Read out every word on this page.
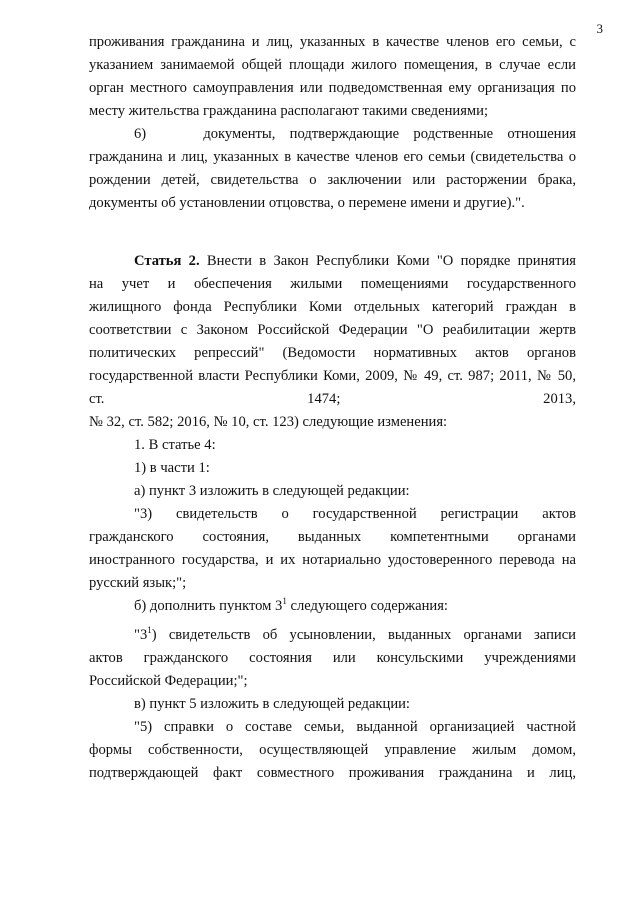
3
проживания гражданина и лиц, указанных в качестве членов его семьи, с
указанием занимаемой общей площади жилого помещения, в случае если
орган местного самоуправления или подведомственная ему организация по
месту жительства гражданина располагают такими сведениями;
6)    документы, подтверждающие родственные отношения
гражданина и лиц, указанных в качестве членов его семьи (свидетельства о
рождении детей, свидетельства о заключении или расторжении брака,
документы об установлении отцовства, о перемене имени и другие).".
Статья 2. Внести в Закон Республики Коми "О порядке принятия
на учет и обеспечения жилыми помещениями государственного
жилищного фонда Республики Коми отдельных категорий граждан в
соответствии с Законом Российской Федерации "О реабилитации жертв
политических репрессий" (Ведомости нормативных актов органов
государственной власти Республики Коми, 2009, № 49, ст. 987; 2011, № 50,
ст. 1474; 2013,
№ 32, ст. 582; 2016, № 10, ст. 123) следующие изменения:
1. В статье 4:
1) в части 1:
а) пункт 3 изложить в следующей редакции:
"3) свидетельств о государственной регистрации актов
гражданского состояния, выданных компетентными органами
иностранного государства, и их нотариально удостоверенного перевода на
русский язык;";
б) дополнить пунктом $3^1$ следующего содержания:
"$3^1$) свидетельств об усыновлении, выданных органами записи
актов гражданского состояния или консульскими учреждениями
Российской Федерации;";
в) пункт 5 изложить в следующей редакции:
"5) справки о составе семьи, выданной организацией частной
формы собственности, осуществляющей управление жилым домом,
подтверждающей факт совместного проживания гражданина и лиц,
